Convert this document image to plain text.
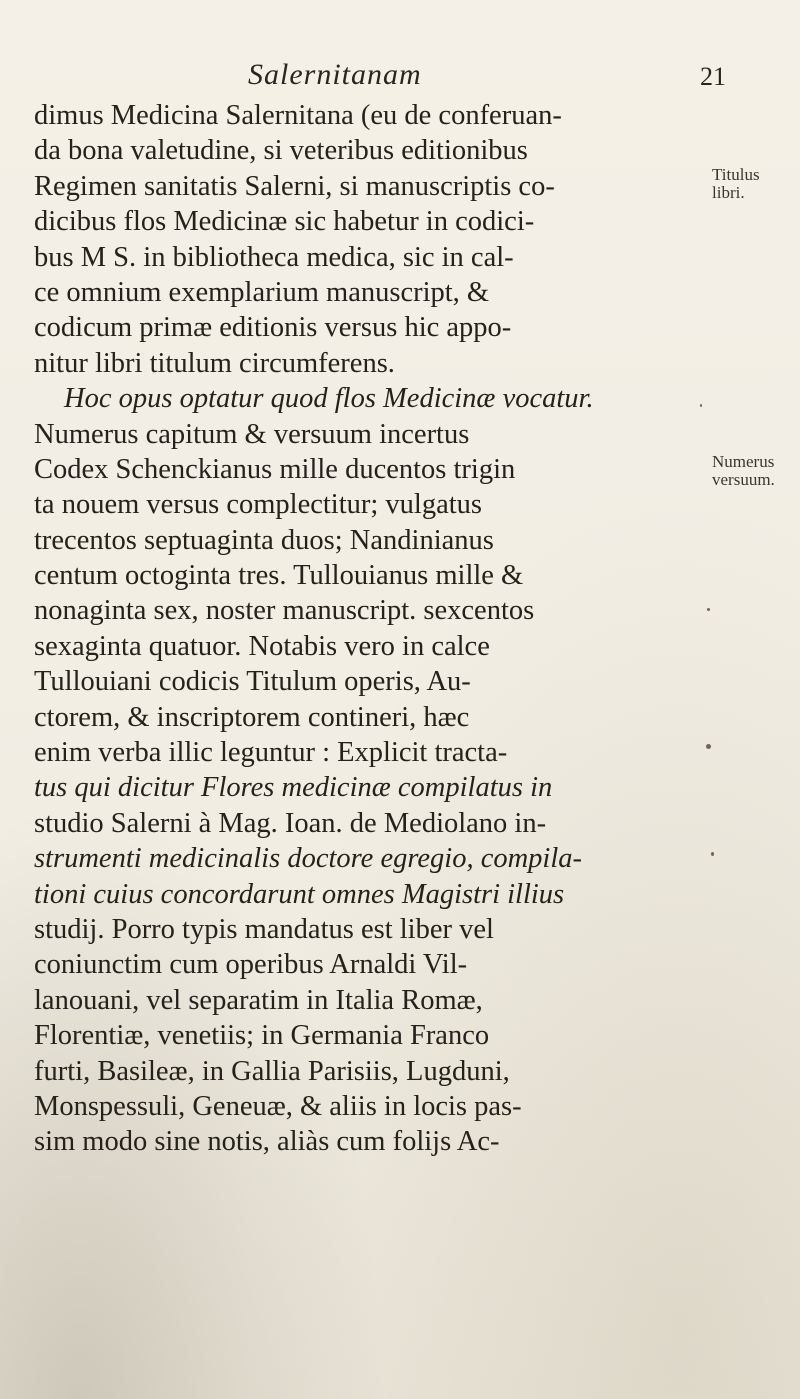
Salernitanam	21
dimus Medicina Salernitana (eu de conferuan-
da bona valetudine, si veteribus editionibus
Regimen sanitatis Salerni, si manuscriptis co-
dicibus flos Medicinæ sic habetur in codici-
bus M S. in bibliotheca medica, sic in cal-
ce omnium exemplarium manuscript, &
codicum primæ editionis versus hic appo-
nitur libri titulum circumferens.
Hoc opus optatur quod flos Medicinæ vocatur.
Numerus capitum & versuum incertus
Codex Schenckianus mille ducentos trigin
ta nouem versus complectitur; vulgatus
trecentos septuaginta duos; Nandinianus
centum octoginta tres. Tullouianus mille &
nonaginta sex, noster manuscript. sexcentos
sexaginta quatuor. Notabis vero in calce
Tullouiani codicis Titulum operis, Au-
ctorem, & inscriptorem contineri, hæc
enim verba illic leguntur : Explicit tracta-
tus qui dicitur Flores medicinæ compilatus in
studio Salerni à Mag. Ioan. de Mediolano in-
strumenti medicinalis doctore egregio, compila-
tioni cuius concordarunt omnes Magistri illius
studij. Porro typis mandatus est liber vel
coniunctim cum operibus Arnaldi Vil-
lanouani, vel separatim in Italia Romæ,
Florentiæ, venetiis; in Germania Franco
furti, Basileæ, in Gallia Parisiis, Lugduni,
Monspessuli, Geneuæ, & aliis in locis pas-
sim modo sine notis, aliàs cum folijs Ac-
Titulus libri.
Numerus versuum.
